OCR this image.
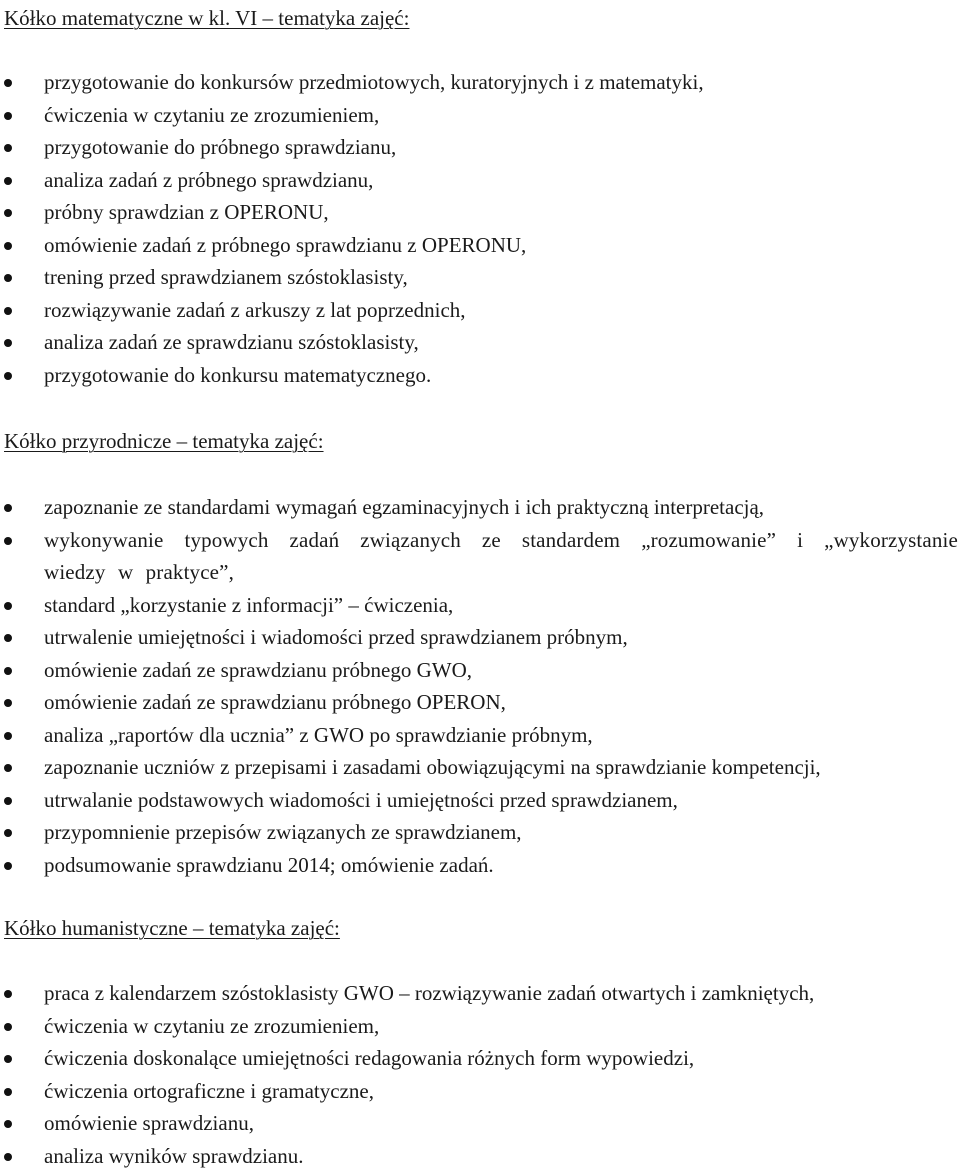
Kółko matematyczne w kl. VI – tematyka zajęć:
przygotowanie do konkursów przedmiotowych, kuratoryjnych i z matematyki,
ćwiczenia w czytaniu ze zrozumieniem,
przygotowanie do próbnego sprawdzianu,
analiza zadań z próbnego sprawdzianu,
próbny sprawdzian z OPERONU,
omówienie zadań z próbnego sprawdzianu z OPERONU,
trening przed sprawdzianem szóstoklasisty,
rozwiązywanie zadań z arkuszy z lat poprzednich,
analiza zadań ze sprawdzianu szóstoklasisty,
przygotowanie do konkursu matematycznego.
Kółko przyrodnicze – tematyka zajęć:
zapoznanie ze standardami wymagań egzaminacyjnych i ich praktyczną interpretacją,
wykonywanie typowych zadań związanych ze standardem „rozumowanie” i „wykorzystanie wiedzy w praktyce”,
standard „korzystanie z informacji” – ćwiczenia,
utrwalenie umiejętności i wiadomości przed sprawdzianem próbnym,
omówienie zadań ze sprawdzianu próbnego GWO,
omówienie zadań ze sprawdzianu próbnego OPERON,
analiza „raportów dla ucznia” z GWO po sprawdzianie próbnym,
zapoznanie uczniów z przepisami i zasadami obowiązującymi na sprawdzianie kompetencji,
utrwalanie podstawowych wiadomości i umiejętności przed sprawdzianem,
przypomnienie przepisów związanych ze sprawdzianem,
podsumowanie sprawdzianu 2014; omówienie zadań.
Kółko humanistyczne – tematyka zajęć:
praca z kalendarzem szóstoklasisty GWO – rozwiązywanie zadań otwartych i zamkniętych,
ćwiczenia w czytaniu ze zrozumieniem,
ćwiczenia doskonalące umiejętności redagowania różnych form wypowiedzi,
ćwiczenia ortograficzne i gramatyczne,
omówienie sprawdzianu,
analiza wyników sprawdzianu.
